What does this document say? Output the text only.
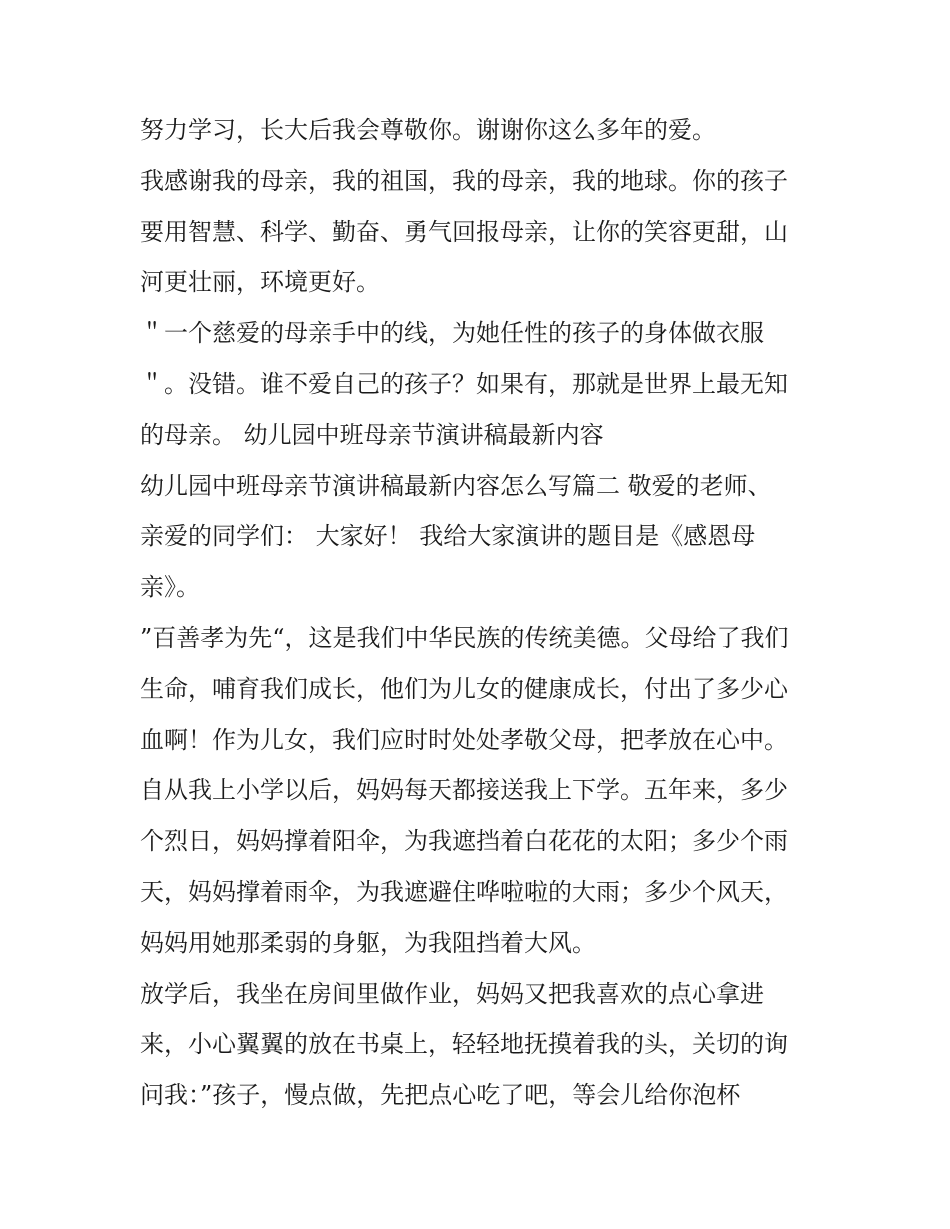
努力学习，长大后我会尊敬你。谢谢你这么多年的爱。
我感谢我的母亲，我的祖国，我的母亲，我的地球。你的孩子
要用智慧、科学、勤奋、勇气回报母亲，让你的笑容更甜，山
河更壮丽，环境更好。
＂一个慈爱的母亲手中的线，为她任性的孩子的身体做衣服
＂。没错。谁不爱自己的孩子？如果有，那就是世界上最无知
的母亲。 幼儿园中班母亲节演讲稿最新内容
幼儿园中班母亲节演讲稿最新内容怎么写篇二 敬爱的老师、
亲爱的同学们： 大家好！ 我给大家演讲的题目是《感恩母
亲》。
”百善孝为先“，这是我们中华民族的传统美德。父母给了我们
生命，哺育我们成长，他们为儿女的健康成长，付出了多少心
血啊！作为儿女，我们应时时处处孝敬父母，把孝放在心中。
自从我上小学以后，妈妈每天都接送我上下学。五年来，多少
个烈日，妈妈撑着阳伞，为我遮挡着白花花的太阳；多少个雨
天，妈妈撑着雨伞，为我遮避住哗啦啦的大雨；多少个风天，
妈妈用她那柔弱的身躯，为我阻挡着大风。
放学后，我坐在房间里做作业，妈妈又把我喜欢的点心拿进
来，小心翼翼的放在书桌上，轻轻地抚摸着我的头，关切的询
问我：”孩子，慢点做，先把点心吃了吧，等会儿给你泡杯
